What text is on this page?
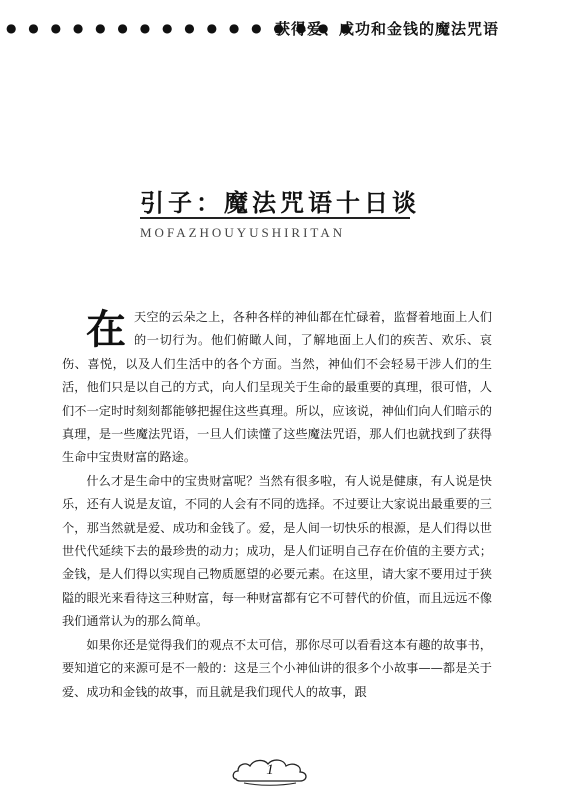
● ● ● ● ● ● ● ● ● ● ● ● ● ● ● ●
获得爱、成功和金钱的魔法咒语
引子：魔法咒语十日谈
MOFAZHOUYUSHIRITAN

在天空的云朵之上，各种各样的神仙都在忙碌着，监督着地面上人们的一切行为。他们俯瞰人间，了解地面上人们的疾苦、欢乐、哀伤、喜悦，以及人们生活中的各个方面。当然，神仙们不会轻易干涉人们的生活，他们只是以自己的方式，向人们呈现关于生命的最重要的真理，很可惜，人们不一定时时刻刻都能够把握住这些真理。所以，应该说，神仙们向人们暗示的真理，是一些魔法咒语，一旦人们读懂了这些魔法咒语，那人们也就找到了获得生命中宝贵财富的路途。

什么才是生命中的宝贵财富呢？当然有很多啦，有人说是健康，有人说是快乐，还有人说是友谊，不同的人会有不同的选择。不过要让大家说出最重要的三个，那当然就是爱、成功和金钱了。爱，是人间一切快乐的根源，是人们得以世世代代延续下去的最珍贵的动力；成功，是人们证明自己存在价值的主要方式；金钱，是人们得以实现自己物质愿望的必要元素。在这里，请大家不要用过于狭隘的眼光来看待这三种财富，每一种财富都有它不可替代的价值，而且远远不像我们通常认为的那么简单。

如果你还是觉得我们的观点不太可信，那你尽可以看看这本有趣的故事书，要知道它的来源可是不一般的：这是三个小神仙讲的很多个小故事——都是关于爱、成功和金钱的故事，而且就是我们现代人的故事，跟

1
